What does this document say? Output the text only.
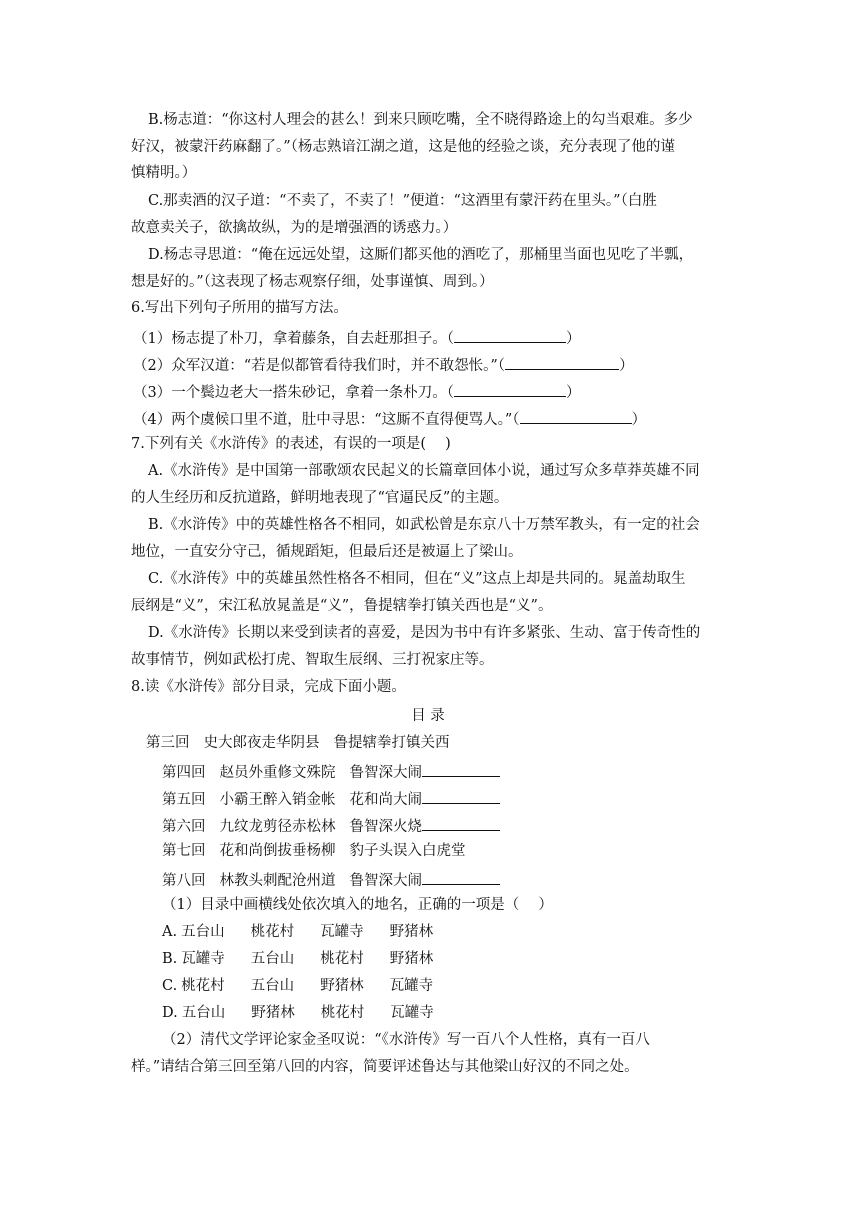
B.杨志道：“你这村人理会的甚么！到来只顾吃嘴，全不晓得路途上的勾当艰难。多少
好汉，被蒙汗药麻翻了。”（杨志熟谙江湖之道，这是他的经验之谈，充分表现了他的谨
慎精明。）
C.那卖酒的汉子道：“不卖了，不卖了！”便道：“这酒里有蒙汗药在里头。”（白胜
故意卖关子，欲擒故纵，为的是增强酒的诱惑力。）
D.杨志寻思道：“俺在远远处望，这厮们都买他的酒吃了，那桶里当面也见吃了半瓢，
想是好的。”（这表现了杨志观察仔细，处事谨慎、周到。）
6.写出下列句子所用的描写方法。
（1）杨志提了朴刀，拿着藤条，自去赶那担子。（	）
（2）众军汉道：“若是似都管看待我们时，并不敢怨怅。”（	）
（3）一个鬓边老大一搭朱砂记，拿着一条朴刀。（	）
（4）两个虞候口里不道，肚中寻思：“这厮不直得便骂人。”（	）
7.下列有关《水浒传》的表述，有误的一项是(　 )
A.《水浒传》是中国第一部歌颂农民起义的长篇章回体小说，通过写众多草莽英雄不同
的人生经历和反抗道路，鲜明地表现了“官逼民反”的主题。
B.《水浒传》中的英雄性格各不相同，如武松曾是东京八十万禁军教头，有一定的社会
地位，一直安分守己，循规蹈矩，但最后还是被逼上了梁山。
C.《水浒传》中的英雄虽然性格各不相同，但在“义”这点上却是共同的。晁盖劫取生
辰纲是“义”，宋江私放晁盖是“义”，鲁提辖拳打镇关西也是“义”。
D.《水浒传》长期以来受到读者的喜爱，是因为书中有许多紧张、生动、富于传奇性的
故事情节，例如武松打虎、智取生辰纲、三打祝家庄等。
8.读《水浒传》部分目录，完成下面小题。
目 录
第三回 史大郎夜走华阴县 鲁提辖拳打镇关西
第四回 赵员外重修文殊院 鲁智深大闹
第五回 小霸王醉入销金帐 花和尚大闹
第六回 九纹龙剪径赤松林 鲁智深火烧
第七回 花和尚倒拔垂杨柳 豹子头误入白虎堂
第八回 林教头刺配沧州道 鲁智深大闹
（1）目录中画横线处依次填入的地名，正确的一项是（　 ）
A. 五台山 桃花村 瓦罐寺 野猪林
B. 瓦罐寺 五台山 桃花村 野猪林
C. 桃花村 五台山 野猪林 瓦罐寺
D. 五台山 野猪林 桃花村 瓦罐寺
（2）清代文学评论家金圣叹说：“《水浒传》写一百八个人性格，真有一百八
样。”请结合第三回至第八回的内容，简要评述鲁达与其他梁山好汉的不同之处。
